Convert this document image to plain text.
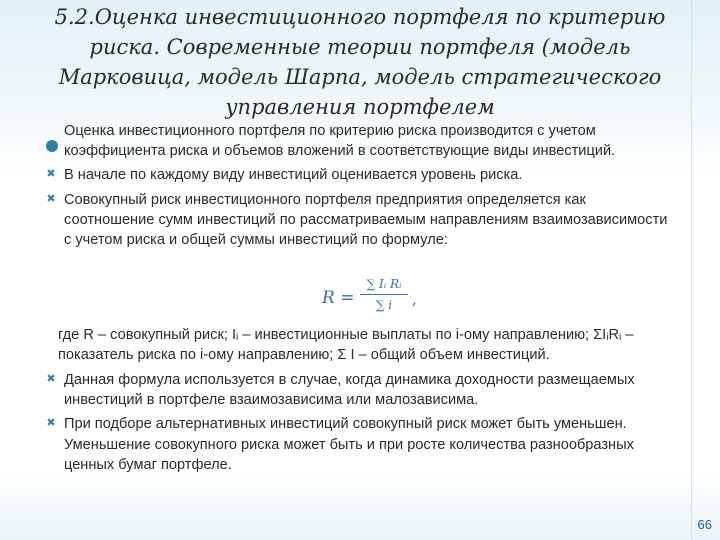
5.2.Оценка инвестиционного портфеля по критерию риска. Современные теории портфеля (модель Марковица, модель Шарпа, модель стратегического управления портфелем
Оценка инвестиционного портфеля по критерию риска производится с учетом коэффициента риска и объемов вложений в соответствующие виды инвестиций.
✖ В начале по каждому виду инвестиций оценивается уровень риска.
✖ Совокупный риск инвестиционного портфеля предприятия определяется как соотношение сумм инвестиций по рассматриваемым направлениям взаимозависимости с учетом риска и общей суммы инвестиций по формуле:
R =
∑ Iᵢ Rᵢ
∑ i	,

где R – совокупный риск; Iᵢ – инвестиционные выплаты по i-ому направлению; ΣIᵢRᵢ – показатель риска по i-ому направлению; Σ I – общий объем инвестиций.

✖ Данная формула используется в случае, когда динамика доходности размещаемых инвестиций в портфеле взаимозависима или малозависима.
✖ При подборе альтернативных инвестиций совокупный риск может быть уменьшен. Уменьшение совокупного риска может быть и при росте количества разнообразных ценных бумаг портфеле.
66
